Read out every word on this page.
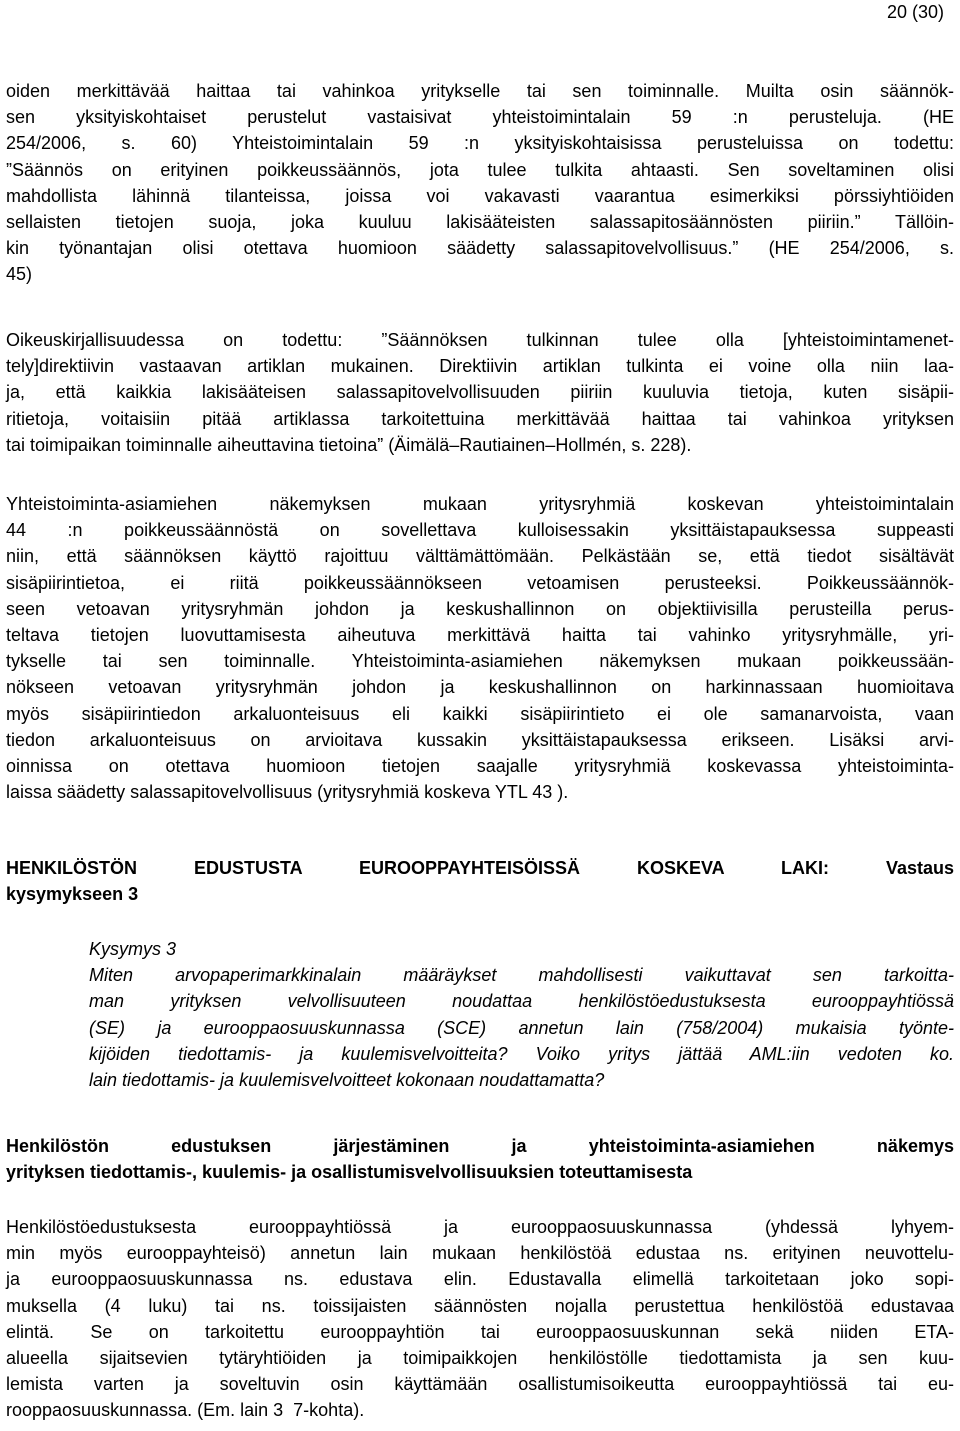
20 (30)
oiden merkittävää haittaa tai vahinkoa yritykselle tai sen toiminnalle. Muilta osin säännök-
sen yksityiskohtaiset perustelut vastaisivat yhteistoimintalain 59 :n perusteluja. (HE
254/2006, s. 60) Yhteistoimintalain 59 :n yksityiskohtaisissa perusteluissa on todettu:
”Säännös on erityinen poikkeussäännös, jota tulee tulkita ahtaasti. Sen soveltaminen olisi
mahdollista lähinnä tilanteissa, joissa voi vakavasti vaarantua esimerkiksi pörssiyhtiöiden
sellaisten tietojen suoja, joka kuuluu lakisääteisten salassapitosäännösten piiriin.” Tällöin-
kin työnantajan olisi otettava huomioon säädetty salassapitovelvollisuus.” (HE 254/2006, s.
45)
Oikeuskirjallisuudessa on todettu: ”Säännöksen tulkinnan tulee olla [yhteistoimintamenet-
tely]direktiivin vastaavan artiklan mukainen. Direktiivin artiklan tulkinta ei voine olla niin laa-
ja, että kaikkia lakisääteisen salassapitovelvollisuuden piiriin kuuluvia tietoja, kuten sisäpii-
ritietoja, voitaisiin pitää artiklassa tarkoitettuina merkittävää haittaa tai vahinkoa yrityksen
tai toimipaikan toiminnalle aiheuttavina tietoina” (Äimälä–Rautiainen–Hollmén, s. 228).
Yhteistoiminta-asiamiehen näkemyksen mukaan yritysryhmiä koskevan yhteistoimintalain
44 :n poikkeussäännöstä on sovellettava kulloisessakin yksittäistapauksessa suppeasti
niin, että säännöksen käyttö rajoittuu välttämättömään. Pelkästään se, että tiedot sisältävät
sisäpiirintietoa, ei riitä poikkeussäännökseen vetoamisen perusteeksi. Poikkeussäännök-
seen vetoavan yritysryhmän johdon ja keskushallinnon on objektiivisilla perusteilla perus-
teltava tietojen luovuttamisesta aiheutuva merkittävä haitta tai vahinko yritysryhmälle, yri-
tykselle tai sen toiminnalle. Yhteistoiminta-asiamiehen näkemyksen mukaan poikkeussään-
nökseen vetoavan yritysryhmän johdon ja keskushallinnon on harkinnassaan huomioitava
myös sisäpiirintiedon arkaluonteisuus eli kaikki sisäpiirintieto ei ole samanarvoista, vaan
tiedon arkaluonteisuus on arvioitava kussakin yksittäistapauksessa erikseen. Lisäksi arvi-
oinnissa on otettava huomioon tietojen saajalle yritysryhmiä koskevassa yhteistoiminta-
laissa säädetty salassapitovelvollisuus (yritysryhmiä koskeva YTL 43 ).
HENKILÖSTÖN EDUSTUSTA EUROOPPAYHTEISÖISSÄ KOSKEVA LAKI: Vastaus
kysymykseen 3
Kysymys 3
Miten arvopaperimarkkinalain määräykset mahdollisesti vaikuttavat sen tarkoitta-
man yrityksen velvollisuuteen noudattaa henkilöstöedustuksesta eurooppayhtiössä
(SE) ja eurooppaosuuskunnassa (SCE) annetun lain (758/2004) mukaisia työnte-
kijöiden tiedottamis- ja kuulemisvelvoitteita? Voiko yritys jättää AML:iin vedoten ko.
lain tiedottamis- ja kuulemisvelvoitteet kokonaan noudattamatta?
Henkilöstön edustuksen järjestäminen ja yhteistoiminta-asiamiehen näkemys
yrityksen tiedottamis-, kuulemis- ja osallistumisvelvollisuuksien toteuttamisesta
Henkilöstöedustuksesta eurooppayhtiössä ja eurooppaosuuskunnassa (yhdessä lyhyem-
min myös eurooppayhteisö) annetun lain mukaan henkilöstöä edustaa ns. erityinen neuvottelu-
ja eurooppaosuuskunnassa ns. edustava elin. Edustavalla elimellä tarkoitetaan joko sopi-
muksella (4 luku) tai ns. toissijaisten säännösten nojalla perustettua henkilöstöä edustavaa
elintä. Se on tarkoitettu eurooppayhtiön tai eurooppaosuuskunnan sekä niiden ETA-
alueella sijaitsevien tytäryhtiöiden ja toimipaikkojen henkilöstölle tiedottamista ja sen kuu-
lemista varten ja soveltuvin osin käyttämään osallistumisoikeutta eurooppayhtiössä tai eu-
rooppaosuuskunnassa. (Em. lain 3  7-kohta).
